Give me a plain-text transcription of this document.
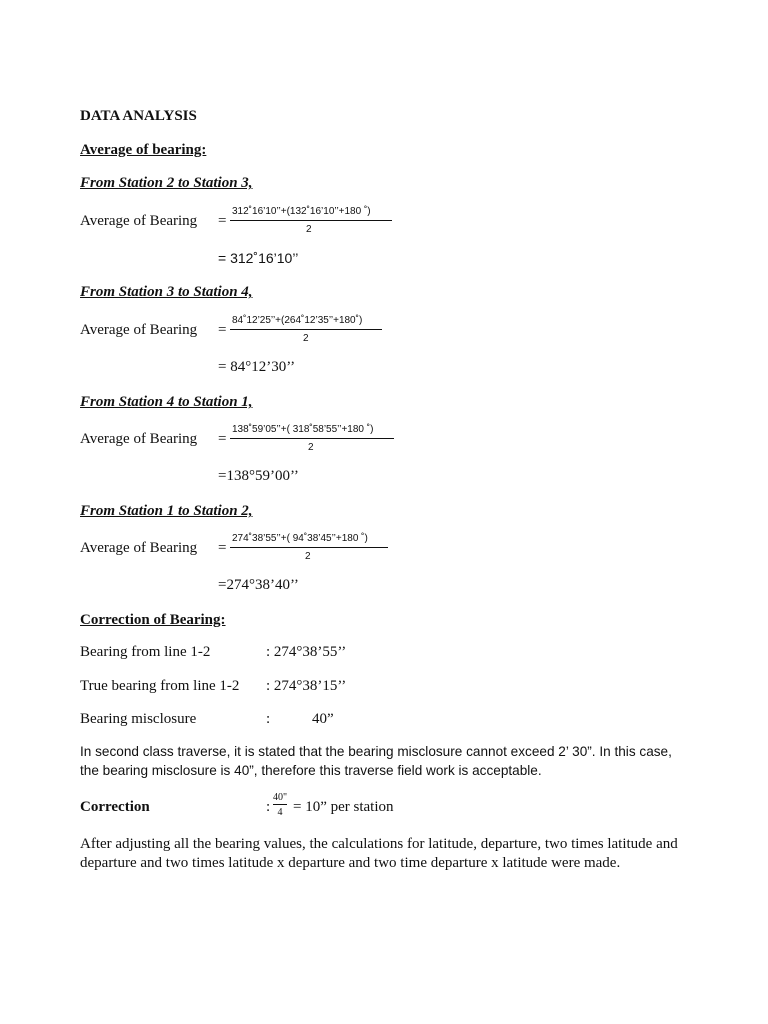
DATA ANALYSIS
Average of bearing:
From Station 2 to Station 3,
Average of Bearing =
312˚16’10’’+(132˚16’10’’+180 ˚)
2
= 312˚16’10’’
From Station 3 to Station 4,
Average of Bearing =
84˚12’25’’+(264˚12’35’’+180˚)
2
= 84°12’30’’
From Station 4 to Station 1,
Average of Bearing =
138˚59’05’’+( 318˚58’55’’+180 ˚)
2
=138°59’00’’
From Station 1 to Station 2,
Average of Bearing =
274˚38’55’’+( 94˚38’45’’+180 ˚)
2
=274°38’40’’
Correction of Bearing:
Bearing from line 1-2	: 274°38’55’’
True bearing from line 1-2 : 274°38’15’’
Bearing misclosure	:	40”
In second class traverse, it is stated that the bearing misclosure cannot exceed 2’ 30”. In this case, the bearing misclosure is 40”, therefore this traverse field work is acceptable.
Correction	:
40"
4 = 10” per station
After adjusting all the bearing values, the calculations for latitude, departure, two times latitude and departure and two times latitude x departure and two time departure x latitude were made.
